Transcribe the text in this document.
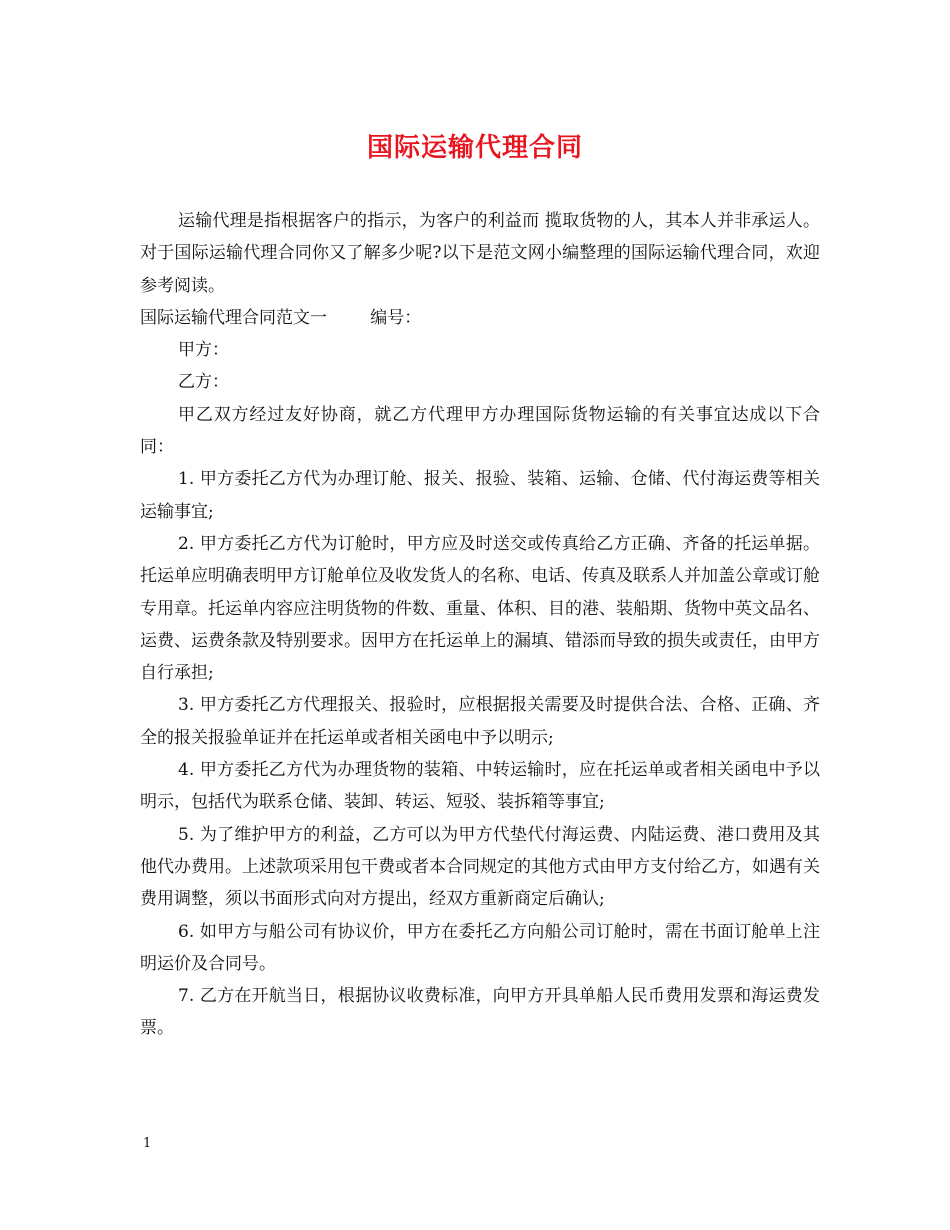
国际运输代理合同

运输代理是指根据客户的指示，为客户的利益而 揽取货物的人，其本人并非承运人。对于国际运输代理合同你又了解多少呢?以下是范文网小编整理的国际运输代理合同，欢迎参考阅读。

国际运输代理合同范文一        编号：

甲方：

乙方：

甲乙双方经过友好协商，就乙方代理甲方办理国际货物运输的有关事宜达成以下合同：

1. 甲方委托乙方代为办理订舱、报关、报验、装箱、运输、仓储、代付海运费等相关运输事宜;

2. 甲方委托乙方代为订舱时，甲方应及时送交或传真给乙方正确、齐备的托运单据。托运单应明确表明甲方订舱单位及收发货人的名称、电话、传真及联系人并加盖公章或订舱专用章。托运单内容应注明货物的件数、重量、体积、目的港、装船期、货物中英文品名、运费、运费条款及特别要求。因甲方在托运单上的漏填、错添而导致的损失或责任，由甲方自行承担;

3. 甲方委托乙方代理报关、报验时，应根据报关需要及时提供合法、合格、正确、齐全的报关报验单证并在托运单或者相关函电中予以明示;

4. 甲方委托乙方代为办理货物的装箱、中转运输时，应在托运单或者相关函电中予以明示，包括代为联系仓储、装卸、转运、短驳、装拆箱等事宜;

5. 为了维护甲方的利益，乙方可以为甲方代垫代付海运费、内陆运费、港口费用及其他代办费用。上述款项采用包干费或者本合同规定的其他方式由甲方支付给乙方，如遇有关费用调整，须以书面形式向对方提出，经双方重新商定后确认;

6. 如甲方与船公司有协议价，甲方在委托乙方向船公司订舱时，需在书面订舱单上注明运价及合同号。

7. 乙方在开航当日，根据协议收费标准，向甲方开具单船人民币费用发票和海运费发票。

1
